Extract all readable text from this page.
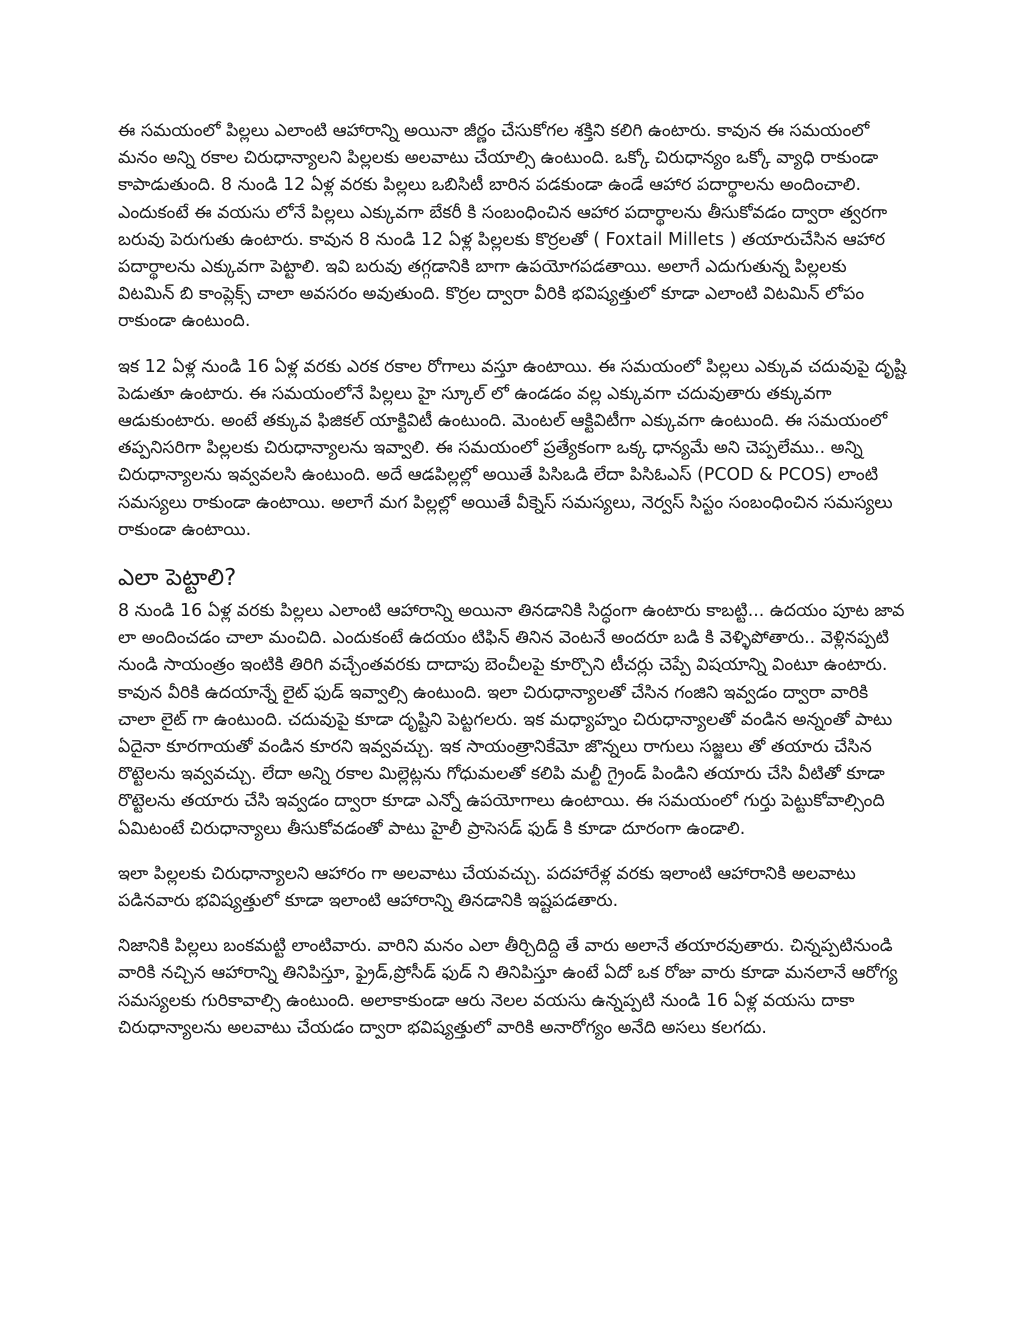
ఈ సమయంలో పిల్లలు ఎలాంటి ఆహారాన్ని అయినా జీర్ణం చేసుకోగల శక్తిని కలిగి ఉంటారు. కావున ఈ సమయంలో మనం అన్ని రకాల చిరుధాన్యాలని పిల్లలకు అలవాటు చేయాల్సి ఉంటుంది. ఒక్కో చిరుధాన్యం ఒక్కో వ్యాధి రాకుండా కాపాడుతుంది. 8 నుండి 12 ఏళ్ల వరకు పిల్లలు ఒబిసిటీ బారిన పడకుండా ఉండే ఆహార పదార్థాలను అందించాలి. ఎందుకంటే ఈ వయసు లోనే పిల్లలు ఎక్కువగా బేకరీ కి సంబంధించిన ఆహార పదార్థాలను తీసుకోవడం ద్వారా త్వరగా బరువు పెరుగుతు ఉంటారు. కావున 8 నుండి 12 ఏళ్ల పిల్లలకు కొర్రలతో ( Foxtail Millets ) తయారుచేసిన ఆహార పదార్థాలను ఎక్కువగా పెట్టాలి. ఇవి బరువు తగ్గడానికి బాగా ఉపయోగపడతాయి. అలాగే ఎదుగుతున్న పిల్లలకు విటమిన్ బి కాంప్లెక్స్ చాలా అవసరం అవుతుంది. కొర్రల ద్వారా వీరికి భవిష్యత్తులో కూడా ఎలాంటి విటమిన్ లోపం రాకుండా ఉంటుంది.

ఇక 12 ఏళ్ల నుండి 16 ఏళ్ల వరకు ఎరక రకాల రోగాలు వస్తూ ఉంటాయి. ఈ సమయంలో పిల్లలు ఎక్కువ చదువుపై దృష్టి పెడుతూ ఉంటారు. ఈ సమయంలోనే పిల్లలు హై స్కూల్ లో ఉండడం వల్ల ఎక్కువగా చదువుతారు తక్కువగా ఆడుకుంటారు. అంటే తక్కువ ఫిజికల్ యాక్టివిటీ ఉంటుంది. మెంటల్ ఆక్టివిటీగా ఎక్కువగా ఉంటుంది. ఈ సమయంలో తప్పనిసరిగా పిల్లలకు చిరుధాన్యాలను ఇవ్వాలి. ఈ సమయంలో ప్రత్యేకంగా ఒక్క ధాన్యమే అని చెప్పలేము.. అన్ని చిరుధాన్యాలను ఇవ్వవలసి ఉంటుంది. అదే ఆడపిల్లల్లో అయితే పిసిఒడి లేదా పిసిఓఎస్ (PCOD & PCOS) లాంటి సమస్యలు రాకుండా ఉంటాయి. అలాగే మగ పిల్లల్లో అయితే వీక్నెస్ సమస్యలు, నెర్వస్ సిస్టం సంబంధించిన సమస్యలు రాకుండా ఉంటాయి.

ఎలా పెట్టాలి?

8 నుండి 16 ఏళ్ల వరకు పిల్లలు ఎలాంటి ఆహారాన్ని అయినా తినడానికి సిద్ధంగా ఉంటారు కాబట్టి... ఉదయం పూట జావ లా అందించడం చాలా మంచిది. ఎందుకంటే ఉదయం టిఫిన్ తినిన వెంటనే అందరూ బడి కి వెళ్ళిపోతారు.. వెళ్లినప్పటి నుండి సాయంత్రం ఇంటికి తిరిగి వచ్చేంతవరకు దాదాపు బెంచీలపై కూర్చొని టీచర్లు చెప్పే విషయాన్ని వింటూ ఉంటారు. కావున వీరికి ఉదయాన్నే లైట్ ఫుడ్ ఇవ్వాల్సి ఉంటుంది. ఇలా చిరుధాన్యాలతో చేసిన గంజిని ఇవ్వడం ద్వారా వారికి చాలా లైట్ గా ఉంటుంది. చదువుపై కూడా దృష్టిని పెట్టగలరు. ఇక మధ్యాహ్నం చిరుధాన్యాలతో వండిన అన్నంతో పాటు ఏదైనా కూరగాయతో వండిన కూరని ఇవ్వవచ్చు. ఇక సాయంత్రానికేమో జొన్నలు రాగులు సజ్జలు తో తయారు చేసిన రొట్టెలను ఇవ్వవచ్చు. లేదా అన్ని రకాల మిల్లెట్లను గోధుమలతో కలిపి మల్టీ గ్రైండ్ పిండిని తయారు చేసి వీటితో కూడా రొట్టెలను తయారు చేసి ఇవ్వడం ద్వారా కూడా ఎన్నో ఉపయోగాలు ఉంటాయి. ఈ సమయంలో గుర్తు పెట్టుకోవాల్సింది ఏమిటంటే చిరుధాన్యాలు తీసుకోవడంతో పాటు హైలీ ప్రాసెసడ్ ఫుడ్ కి కూడా దూరంగా ఉండాలి.

ఇలా పిల్లలకు చిరుధాన్యాలని ఆహారం గా అలవాటు చేయవచ్చు. పదహారేళ్ల వరకు ఇలాంటి ఆహారానికి అలవాటు పడినవారు భవిష్యత్తులో కూడా ఇలాంటి ఆహారాన్ని తినడానికి ఇష్టపడతారు.

నిజానికి పిల్లలు బంకమట్టి లాంటివారు. వారిని మనం ఎలా తీర్చిదిద్ది తే వారు అలానే తయారవుతారు. చిన్నప్పటినుండి వారికి నచ్చిన ఆహారాన్ని తినిపిస్తూ, ఫ్రైడ్,ప్రోసీడ్ ఫుడ్ ని తినిపిస్తూ ఉంటే ఏదో ఒక రోజు వారు కూడా మనలానే ఆరోగ్య సమస్యలకు గురికావాల్సి ఉంటుంది. అలాకాకుండా ఆరు నెలల వయసు ఉన్నప్పటి నుండి 16 ఏళ్ల వయసు దాకా చిరుధాన్యాలను అలవాటు చేయడం ద్వారా భవిష్యత్తులో వారికి అనారోగ్యం అనేది అసలు కలగదు.
